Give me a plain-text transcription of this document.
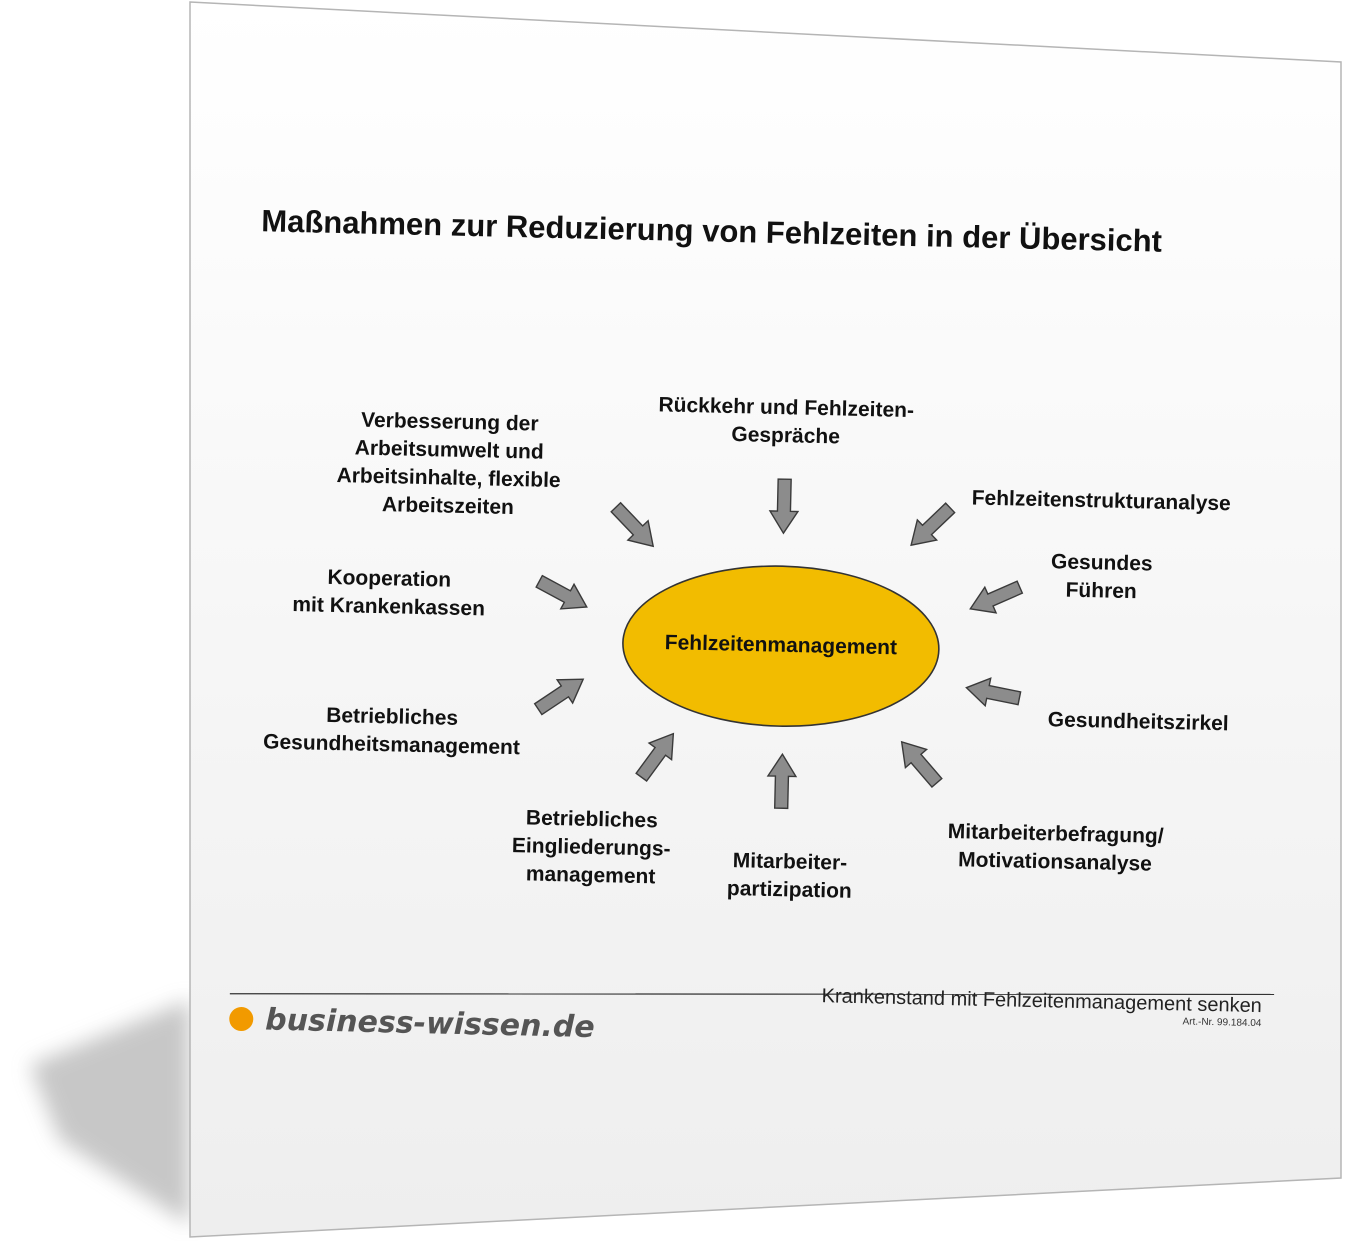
Maßnahmen zur Reduzierung von Fehlzeiten in der Übersicht
Fehlzeitenmanagement
Rückkehr und Fehlzeiten-Gespräche
Fehlzeitenstrukturanalyse
GesundesFühren
Gesundheitszirkel
Mitarbeiterbefragung/Motivationsanalyse
Mitarbeiter-partizipation
BetrieblichesEingliederungs-management
BetrieblichesGesundheitsmanagement
Kooperationmit Krankenkassen
Verbesserung derArbeitsumwelt undArbeitsinhalte, flexibleArbeitszeiten
Krankenstand mit Fehlzeitenmanagement senken
Art.-Nr. 99.184.04
business-wissen.de
